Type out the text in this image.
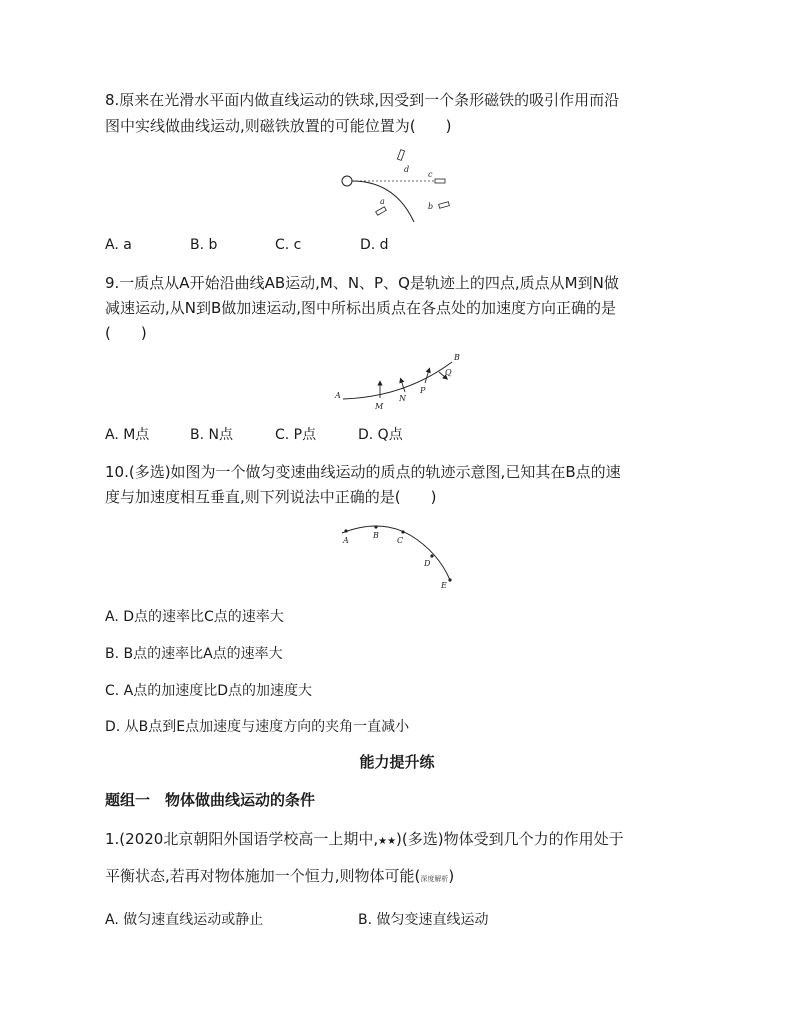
8.原来在光滑水平面内做直线运动的铁球,因受到一个条形磁铁的吸引作用而沿
图中实线做曲线运动,则磁铁放置的可能位置为(　　)
d
c
a
b
A. a	B. b	C. c	D. d
9.一质点从A开始沿曲线AB运动,M、N、P、Q是轨迹上的四点,质点从M到N做
减速运动,从N到B做加速运动,图中所标出质点在各点处的加速度方向正确的是
(　　)
A
M
N
P
Q
B
A. M点	B. N点	C. P点	D. Q点
10.(多选)如图为一个做匀变速曲线运动的质点的轨迹示意图,已知其在B点的速
度与加速度相互垂直,则下列说法中正确的是(　　)
A
B
C
D
E
A. D点的速率比C点的速率大
B. B点的速率比A点的速率大
C. A点的加速度比D点的加速度大
D. 从B点到E点加速度与速度方向的夹角一直减小
能力提升练
题组一　物体做曲线运动的条件
1.(2020北京朝阳外国语学校高一上期中,★★)(多选)物体受到几个力的作用处于
平衡状态,若再对物体施加一个恒力,则物体可能(深度解析)
A. 做匀速直线运动或静止	B. 做匀变速直线运动
